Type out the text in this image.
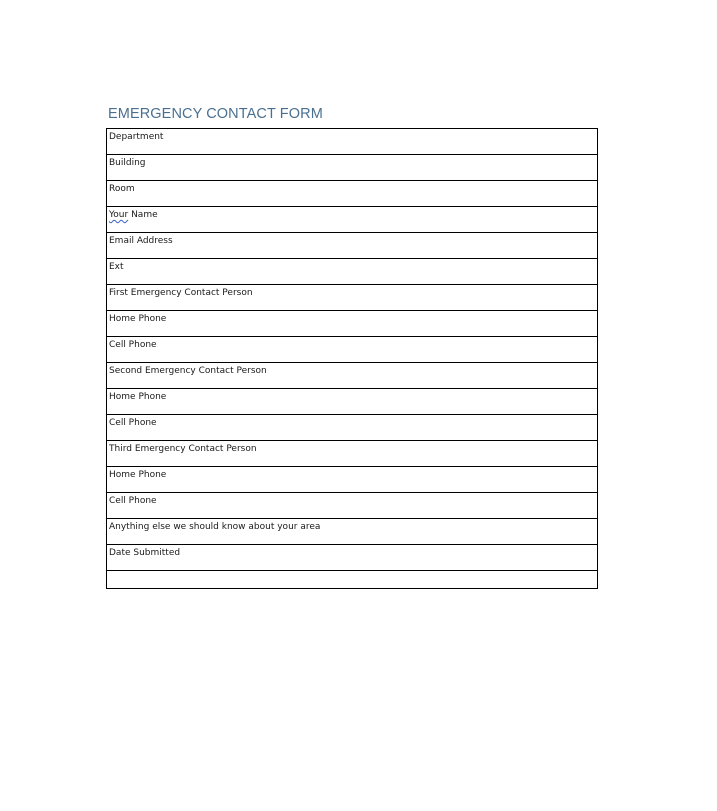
EMERGENCY CONTACT FORM
Department
Building
Room
Your Name
Email Address
Ext
First Emergency Contact Person
Home Phone
Cell Phone
Second Emergency Contact Person
Home Phone
Cell Phone
Third Emergency Contact Person
Home Phone
Cell Phone
Anything else we should know about your area
Date Submitted
